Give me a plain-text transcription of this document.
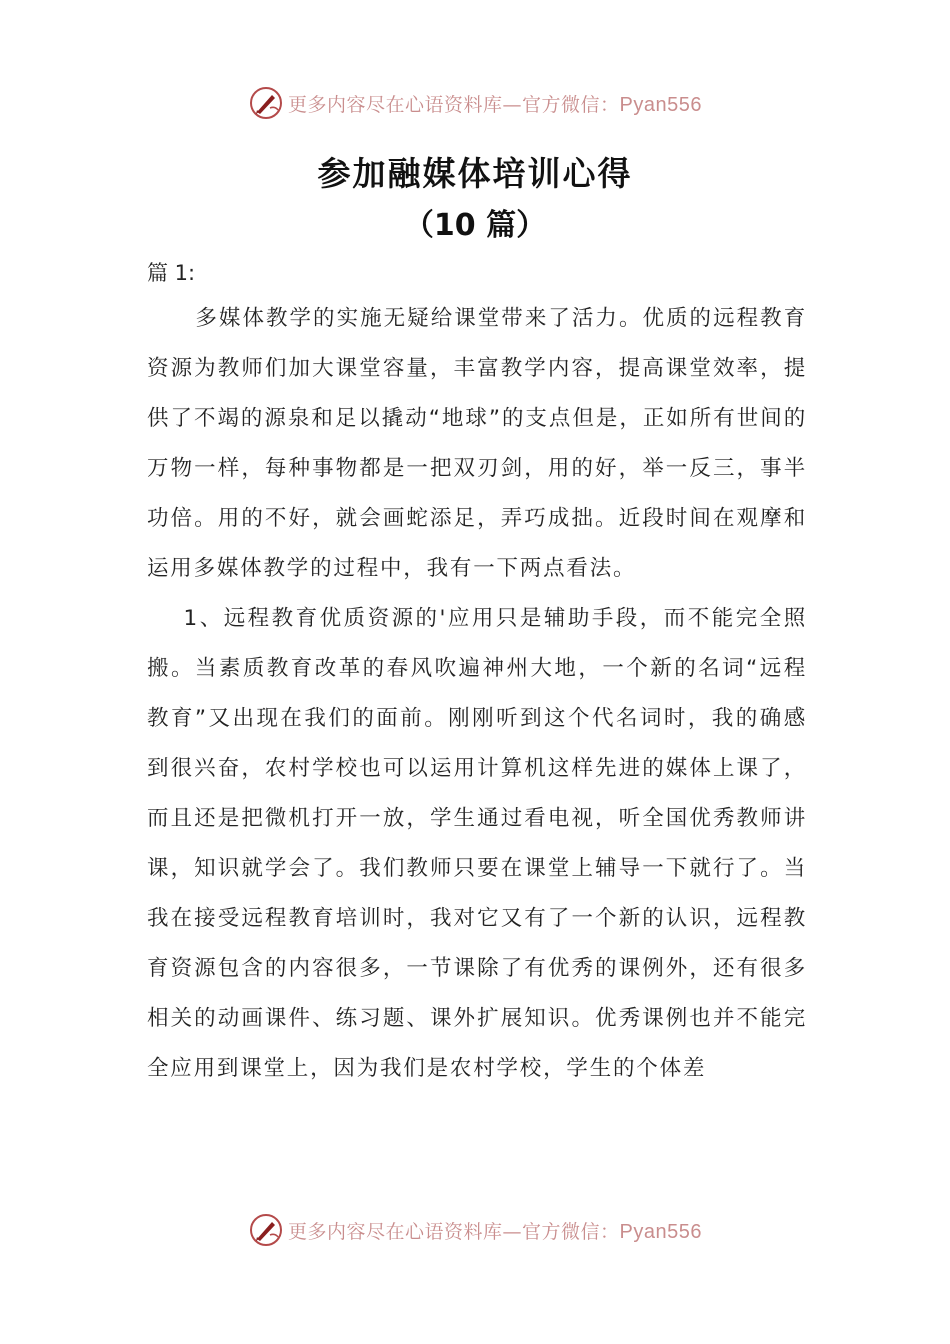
更多内容尽在心语资料库—官方微信：Pyan556
参加融媒体培训心得
（10 篇）
篇 1:

多媒体教学的实施无疑给课堂带来了活力。优质的远程教育资源为教师们加大课堂容量，丰富教学内容，提高课堂效率，提供了不竭的源泉和足以撬动“地球”的支点但是，正如所有世间的万物一样，每种事物都是一把双刃剑，用的好，举一反三，事半功倍。用的不好，就会画蛇添足，弄巧成拙。近段时间在观摩和运用多媒体教学的过程中，我有一下两点看法。

1、远程教育优质资源的'应用只是辅助手段，而不能完全照搬。当素质教育改革的春风吹遍神州大地，一个新的名词“远程教育”又出现在我们的面前。刚刚听到这个代名词时，我的确感到很兴奋，农村学校也可以运用计算机这样先进的媒体上课了，而且还是把微机打开一放，学生通过看电视，听全国优秀教师讲课，知识就学会了。我们教师只要在课堂上辅导一下就行了。当我在接受远程教育培训时，我对它又有了一个新的认识，远程教育资源包含的内容很多，一节课除了有优秀的课例外，还有很多相关的动画课件、练习题、课外扩展知识。优秀课例也并不能完全应用到课堂上，因为我们是农村学校，学生的个体差

更多内容尽在心语资料库—官方微信：Pyan556
